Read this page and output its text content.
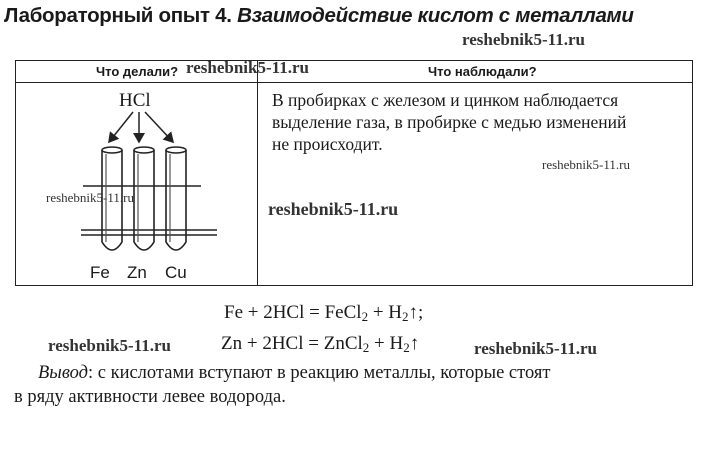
Лабораторный опыт 4. Взаимодействие кислот с металлами
reshebnik5-11.ru
reshebnik5-11.ru
reshebnik5-11.ru
reshebnik5-11.ru
reshebnik5-11.ru
Что делали?	Что наблюдали?
В пробирках с железом и цинком наблюдается
выделение газа, в пробирке с медью изменений
не происходит.
HCl
Fe Zn Cu
Fe + 2HCl = FeCl$_2$ + $H_2↑$;
reshebnik5-11.ru	Zn + 2HCl = ZnCl$_2$ + $H_2↑$	reshebnik5-11.ru
Вывод: с кислотами вступают в реакцию металлы, которые стоят
в ряду активности левее водорода.
